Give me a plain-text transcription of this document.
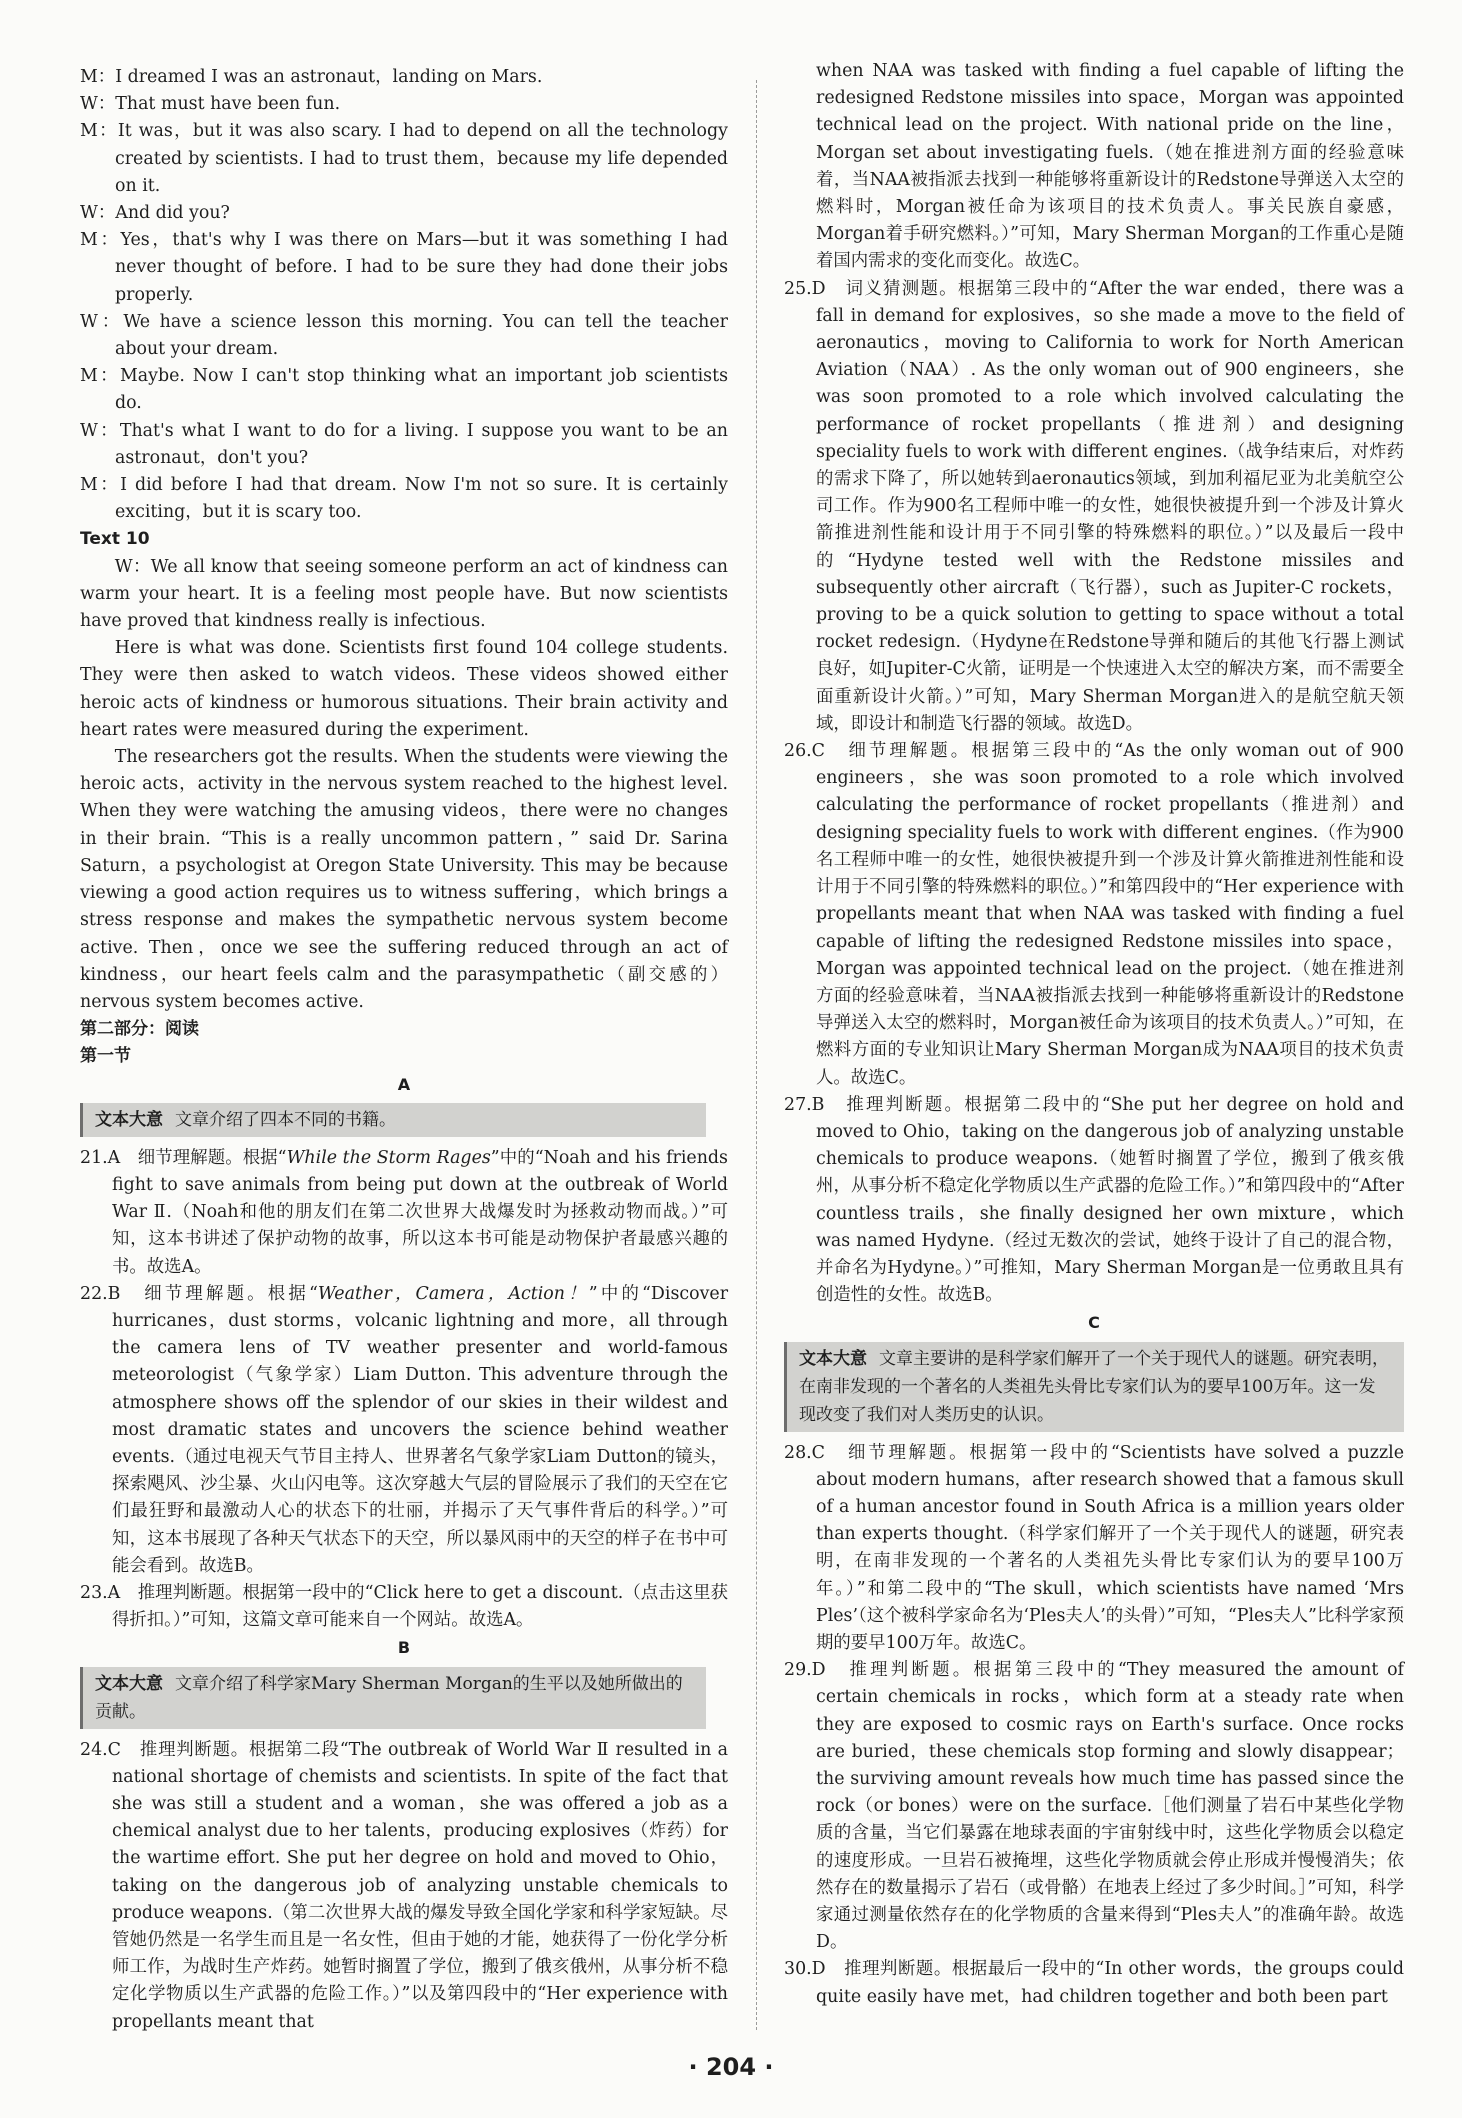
M：I dreamed I was an astronaut，landing on Mars.

W：That must have been fun.

M：It was，but it was also scary. I had to depend on all the technology created by scientists. I had to trust them，because my life depended on it.

W：And did you?

M：Yes，that's why I was there on Mars—but it was something I had never thought of before. I had to be sure they had done their jobs properly.

W：We have a science lesson this morning. You can tell the teacher about your dream.

M：Maybe. Now I can't stop thinking what an important job scientists do.

W：That's what I want to do for a living. I suppose you want to be an astronaut，don't you?

M：I did before I had that dream. Now I'm not so sure. It is certainly exciting，but it is scary too.

Text 10

W：We all know that seeing someone perform an act of kindness can warm your heart. It is a feeling most people have. But now scientists have proved that kindness really is infectious.

Here is what was done. Scientists first found 104 college students. They were then asked to watch videos. These videos showed either heroic acts of kindness or humorous situations. Their brain activity and heart rates were measured during the experiment.

The researchers got the results. When the students were viewing the heroic acts，activity in the nervous system reached to the highest level. When they were watching the amusing videos，there were no changes in their brain. “This is a really uncommon pattern，” said Dr. Sarina Saturn，a psychologist at Oregon State University. This may be because viewing a good action requires us to witness suffering，which brings a stress response and makes the sympathetic nervous system become active. Then，once we see the suffering reduced through an act of kindness，our heart feels calm and the parasympathetic（副交感的） nervous system becomes active.

第二部分：阅读

第一节

A

文本大意 文章介绍了四本不同的书籍。

21.A　细节理解题。根据“While the Storm Rages”中的“Noah and his friends fight to save animals from being put down at the outbreak of World War Ⅱ.（Noah和他的朋友们在第二次世界大战爆发时为拯救动物而战。）”可知，这本书讲述了保护动物的故事，所以这本书可能是动物保护者最感兴趣的书。故选A。

22.B　细节理解题。根据“Weather，Camera，Action！”中的“Discover hurricanes，dust storms，volcanic lightning and more，all through the camera lens of TV weather presenter and world-famous meteorologist（气象学家）Liam Dutton. This adventure through the atmosphere shows off the splendor of our skies in their wildest and most dramatic states and uncovers the science behind weather events.（通过电视天气节目主持人、世界著名气象学家Liam Dutton的镜头，探索飓风、沙尘暴、火山闪电等。这次穿越大气层的冒险展示了我们的天空在它们最狂野和最激动人心的状态下的壮丽，并揭示了天气事件背后的科学。）”可知，这本书展现了各种天气状态下的天空，所以暴风雨中的天空的样子在书中可能会看到。故选B。

23.A　推理判断题。根据第一段中的“Click here to get a discount.（点击这里获得折扣。）”可知，这篇文章可能来自一个网站。故选A。

B

文本大意 文章介绍了科学家Mary Sherman Morgan的生平以及她所做出的贡献。

24.C　推理判断题。根据第二段“The outbreak of World War Ⅱ resulted in a national shortage of chemists and scientists. In spite of the fact that she was still a student and a woman，she was offered a job as a chemical analyst due to her talents，producing explosives（炸药）for the wartime effort. She put her degree on hold and moved to Ohio，taking on the dangerous job of analyzing unstable chemicals to produce weapons.（第二次世界大战的爆发导致全国化学家和科学家短缺。尽管她仍然是一名学生而且是一名女性，但由于她的才能，她获得了一份化学分析师工作，为战时生产炸药。她暂时搁置了学位，搬到了俄亥俄州，从事分析不稳定化学物质以生产武器的危险工作。）”以及第四段中的“Her experience with propellants meant that

when NAA was tasked with finding a fuel capable of lifting the redesigned Redstone missiles into space，Morgan was appointed technical lead on the project. With national pride on the line，Morgan set about investigating fuels.（她在推进剂方面的经验意味着，当NAA被指派去找到一种能够将重新设计的Redstone导弹送入太空的燃料时，Morgan被任命为该项目的技术负责人。事关民族自豪感，Morgan着手研究燃料。）”可知，Mary Sherman Morgan的工作重心是随着国内需求的变化而变化。故选C。

25.D　词义猜测题。根据第三段中的“After the war ended，there was a fall in demand for explosives，so she made a move to the field of aeronautics，moving to California to work for North American Aviation（NAA）. As the only woman out of 900 engineers，she was soon promoted to a role which involved calculating the performance of rocket propellants（推进剂）and designing speciality fuels to work with different engines.（战争结束后，对炸药的需求下降了，所以她转到aeronautics领域，到加利福尼亚为北美航空公司工作。作为900名工程师中唯一的女性，她很快被提升到一个涉及计算火箭推进剂性能和设计用于不同引擎的特殊燃料的职位。）”以及最后一段中的“Hydyne tested well with the Redstone missiles and subsequently other aircraft（飞行器），such as Jupiter-C rockets，proving to be a quick solution to getting to space without a total rocket redesign.（Hydyne在Redstone导弹和随后的其他飞行器上测试良好，如Jupiter-C火箭，证明是一个快速进入太空的解决方案，而不需要全面重新设计火箭。）”可知，Mary Sherman Morgan进入的是航空航天领域，即设计和制造飞行器的领域。故选D。

26.C　细节理解题。根据第三段中的“As the only woman out of 900 engineers，she was soon promoted to a role which involved calculating the performance of rocket propellants（推进剂）and designing speciality fuels to work with different engines.（作为900名工程师中唯一的女性，她很快被提升到一个涉及计算火箭推进剂性能和设计用于不同引擎的特殊燃料的职位。）”和第四段中的“Her experience with propellants meant that when NAA was tasked with finding a fuel capable of lifting the redesigned Redstone missiles into space，Morgan was appointed technical lead on the project.（她在推进剂方面的经验意味着，当NAA被指派去找到一种能够将重新设计的Redstone导弹送入太空的燃料时，Morgan被任命为该项目的技术负责人。）”可知，在燃料方面的专业知识让Mary Sherman Morgan成为NAA项目的技术负责人。故选C。

27.B　推理判断题。根据第二段中的“She put her degree on hold and moved to Ohio，taking on the dangerous job of analyzing unstable chemicals to produce weapons.（她暂时搁置了学位，搬到了俄亥俄州，从事分析不稳定化学物质以生产武器的危险工作。）”和第四段中的“After countless trails，she finally designed her own mixture，which was named Hydyne.（经过无数次的尝试，她终于设计了自己的混合物，并命名为Hydyne。）”可推知，Mary Sherman Morgan是一位勇敢且具有创造性的女性。故选B。

C

文本大意 文章主要讲的是科学家们解开了一个关于现代人的谜题。研究表明，在南非发现的一个著名的人类祖先头骨比专家们认为的要早100万年。这一发现改变了我们对人类历史的认识。

28.C　细节理解题。根据第一段中的“Scientists have solved a puzzle about modern humans，after research showed that a famous skull of a human ancestor found in South Africa is a million years older than experts thought.（科学家们解开了一个关于现代人的谜题，研究表明，在南非发现的一个著名的人类祖先头骨比专家们认为的要早100万年。）”和第二段中的“The skull，which scientists have named ‘Mrs Ples’（这个被科学家命名为‘Ples夫人’的头骨）”可知，“Ples夫人”比科学家预期的要早100万年。故选C。

29.D　推理判断题。根据第三段中的“They measured the amount of certain chemicals in rocks，which form at a steady rate when they are exposed to cosmic rays on Earth's surface. Once rocks are buried，these chemicals stop forming and slowly disappear；the surviving amount reveals how much time has passed since the rock（or bones）were on the surface.［他们测量了岩石中某些化学物质的含量，当它们暴露在地球表面的宇宙射线中时，这些化学物质会以稳定的速度形成。一旦岩石被掩埋，这些化学物质就会停止形成并慢慢消失；依然存在的数量揭示了岩石（或骨骼）在地表上经过了多少时间。］”可知，科学家通过测量依然存在的化学物质的含量来得到“Ples夫人”的准确年龄。故选D。

30.D　推理判断题。根据最后一段中的“In other words，the groups could quite easily have met，had children together and both been part

· 204 ·
